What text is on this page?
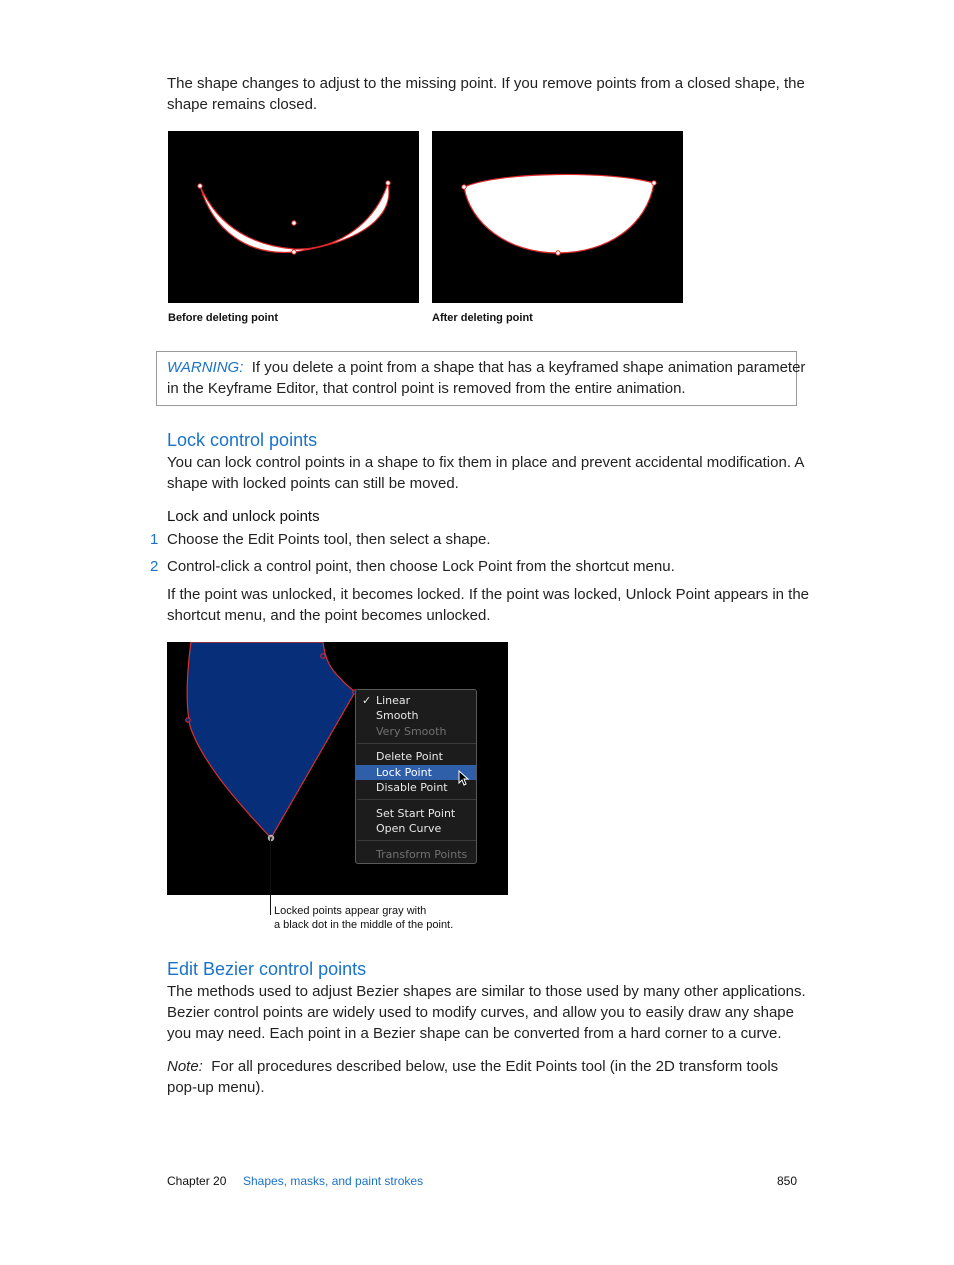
The shape changes to adjust to the missing point. If you remove points from a closed shape, the
shape remains closed.
Before deleting point	After deleting point
WARNING: If you delete a point from a shape that has a keyframed shape animation parameter
in the Keyframe Editor, that control point is removed from the entire animation.
Lock control points
You can lock control points in a shape to fix them in place and prevent accidental modification. A
shape with locked points can still be moved.
Lock and unlock points
1 Choose the Edit Points tool, then select a shape.
2 Control-click a control point, then choose Lock Point from the shortcut menu.
If the point was unlocked, it becomes locked. If the point was locked, Unlock Point appears in the
shortcut menu, and the point becomes unlocked.
✓ Linear
Smooth
Very Smooth
Delete Point
Lock Point
Disable Point
Set Start Point
Open Curve
Transform Points
Locked points appear gray with
a black dot in the middle of the point.
Edit Bezier control points
The methods used to adjust Bezier shapes are similar to those used by many other applications.
Bezier control points are widely used to modify curves, and allow you to easily draw any shape
you may need. Each point in a Bezier shape can be converted from a hard corner to a curve.
Note: For all procedures described below, use the Edit Points tool (in the 2D transform tools
pop-up menu).
Chapter 20 Shapes, masks, and paint strokes	850
